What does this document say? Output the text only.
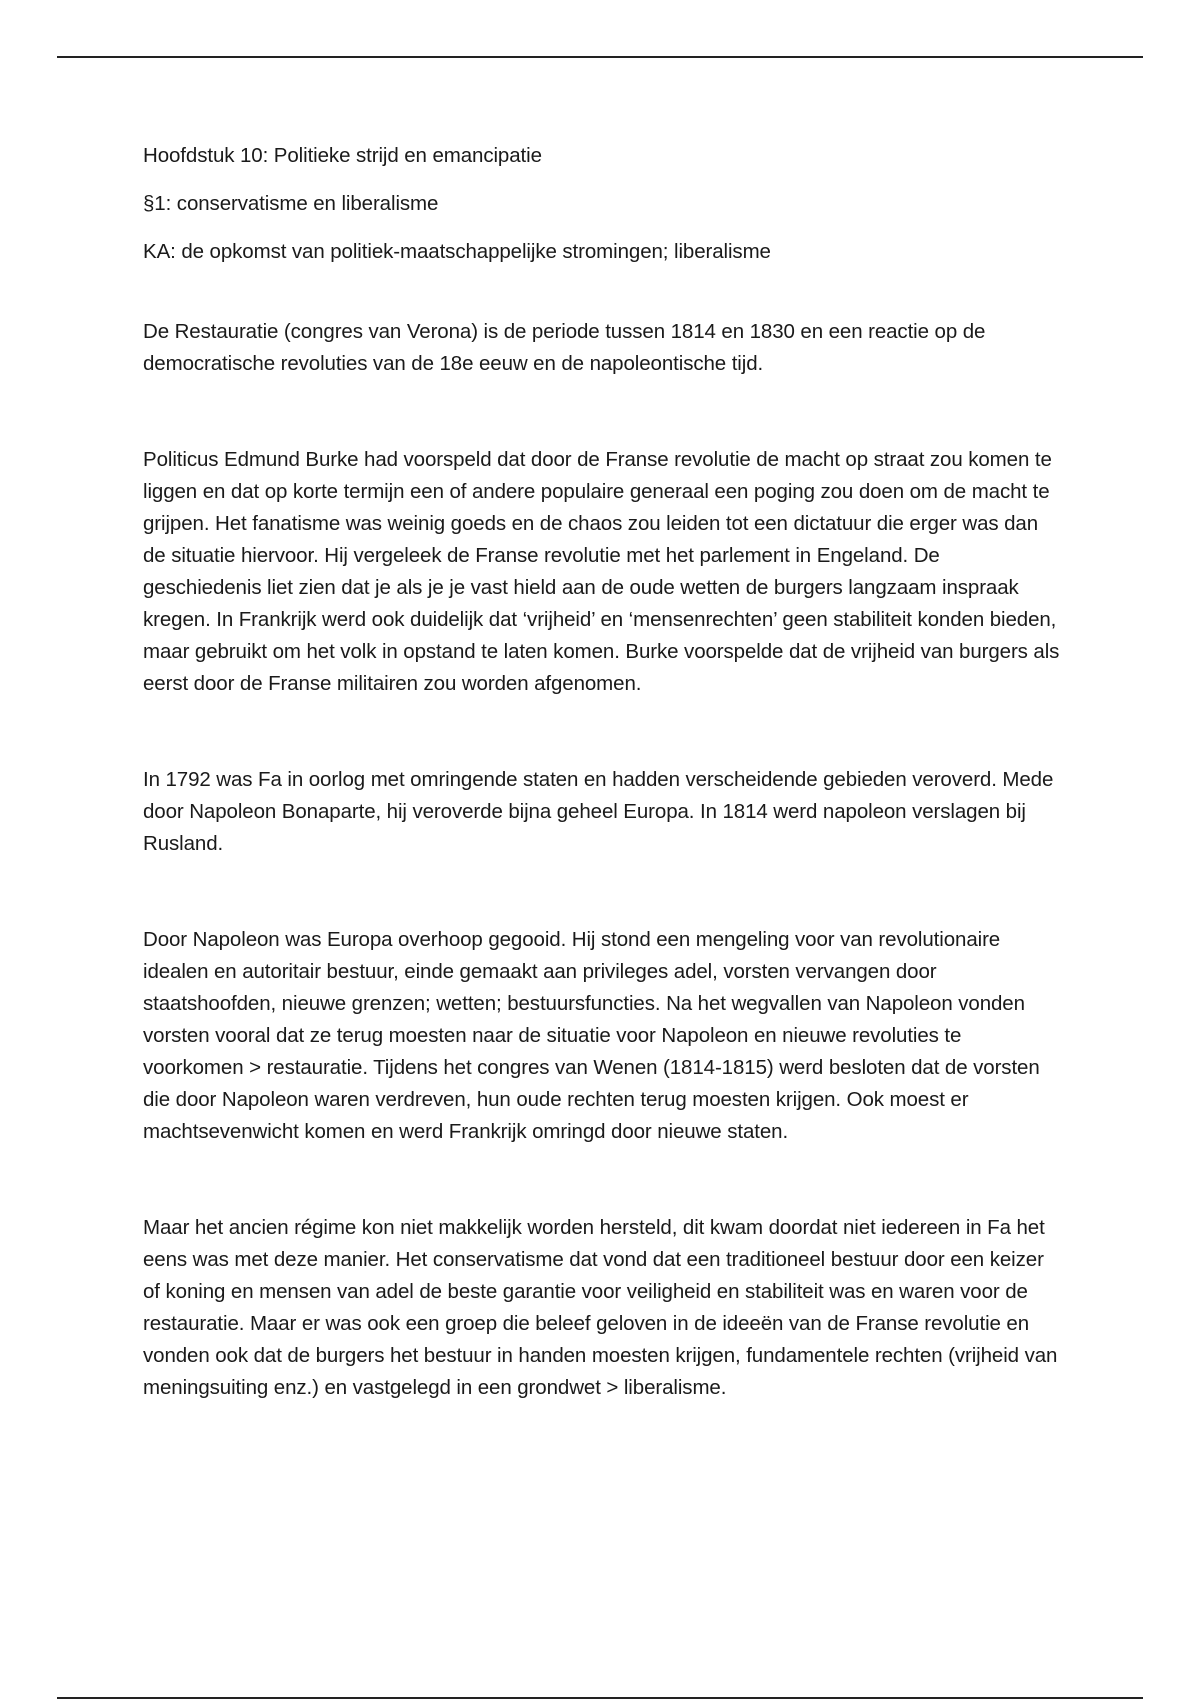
Hoofdstuk 10: Politieke strijd en emancipatie

§1: conservatisme en liberalisme

KA: de opkomst van politiek-maatschappelijke stromingen; liberalisme

De Restauratie (congres van Verona) is de periode tussen 1814 en 1830 en een reactie op de democratische revoluties van de 18e eeuw en de napoleontische tijd.

Politicus Edmund Burke had voorspeld dat door de Franse revolutie de macht op straat zou komen te liggen en dat op korte termijn een of andere populaire generaal een poging zou doen om de macht te grijpen. Het fanatisme was weinig goeds en de chaos zou leiden tot een dictatuur die erger was dan de situatie hiervoor. Hij vergeleek de Franse revolutie met het parlement in Engeland. De geschiedenis liet zien dat je als je je vast hield aan de oude wetten de burgers langzaam inspraak kregen. In Frankrijk werd ook duidelijk dat ‘vrijheid’ en ‘mensenrechten’ geen stabiliteit konden bieden, maar gebruikt om het volk in opstand te laten komen. Burke voorspelde dat de vrijheid van burgers als eerst door de Franse militairen zou worden afgenomen.

In 1792 was Fa in oorlog met omringende staten en hadden verscheidende gebieden veroverd. Mede door Napoleon Bonaparte, hij veroverde bijna geheel Europa. In 1814 werd napoleon verslagen bij Rusland.

Door Napoleon was Europa overhoop gegooid. Hij stond een mengeling voor van revolutionaire idealen en autoritair bestuur, einde gemaakt aan privileges adel, vorsten vervangen door staatshoofden, nieuwe grenzen; wetten; bestuursfuncties. Na het wegvallen van Napoleon vonden vorsten vooral dat ze terug moesten naar de situatie voor Napoleon en nieuwe revoluties te voorkomen > restauratie. Tijdens het congres van Wenen (1814-1815) werd besloten dat de vorsten die door Napoleon waren verdreven, hun oude rechten terug moesten krijgen. Ook moest er machtsevenwicht komen en werd Frankrijk omringd door nieuwe staten.

Maar het ancien régime kon niet makkelijk worden hersteld, dit kwam doordat niet iedereen in Fa het eens was met deze manier. Het conservatisme dat vond dat een traditioneel bestuur door een keizer of koning en mensen van adel de beste garantie voor veiligheid en stabiliteit was en waren voor de restauratie. Maar er was ook een groep die beleef geloven in de ideeën van de Franse revolutie en vonden ook dat de burgers het bestuur in handen moesten krijgen, fundamentele rechten (vrijheid van meningsuiting enz.) en vastgelegd in een grondwet > liberalisme.
